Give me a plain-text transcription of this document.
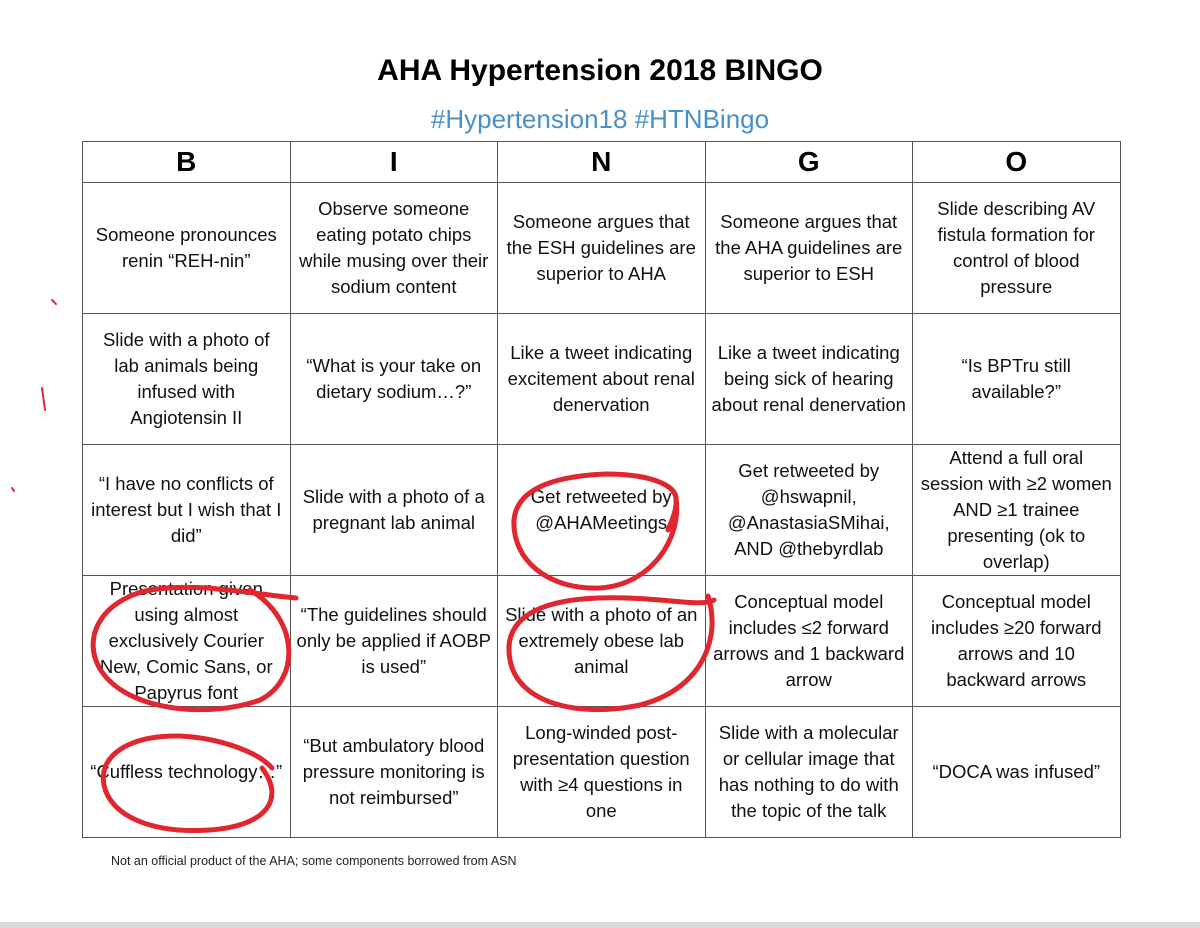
AHA Hypertension 2018 BINGO
#Hypertension18 #HTNBingo
B	I	N	G	O
Someone pronounces renin “REH-nin”	Observe someone eating potato chips while musing over their sodium content	Someone argues that the ESH guidelines are superior to AHA	Someone argues that the AHA guidelines are superior to ESH	Slide describing AV fistula formation for control of blood pressure
Slide with a photo of lab animals being infused with Angiotensin II	“What is your take on dietary sodium…?”	Like a tweet indicating excitement about renal denervation	Like a tweet indicating being sick of hearing about renal denervation	“Is BPTru still available?”
“I have no conflicts of interest but I wish that I did”	Slide with a photo of a pregnant lab animal	Get retweeted by @AHAMeetings	Get retweeted by @hswapnil, @AnastasiaSMihai, AND @thebyrdlab	Attend a full oral session with ≥2 women AND ≥1 trainee presenting (ok to overlap)
Presentation given using almost exclusively Courier New, Comic Sans, or Papyrus font	“The guidelines should only be applied if AOBP is used”	Slide with a photo of an extremely obese lab animal	Conceptual model includes ≤2 forward arrows and 1 backward arrow	Conceptual model includes ≥20 forward arrows and 10 backward arrows
“Cuffless technology…”	“But ambulatory blood pressure monitoring is not reimbursed”	Long-winded post-presentation question with ≥4 questions in one	Slide with a molecular or cellular image that has nothing to do with the topic of the talk	“DOCA was infused”
Not an official product of the AHA; some components borrowed from ASN
